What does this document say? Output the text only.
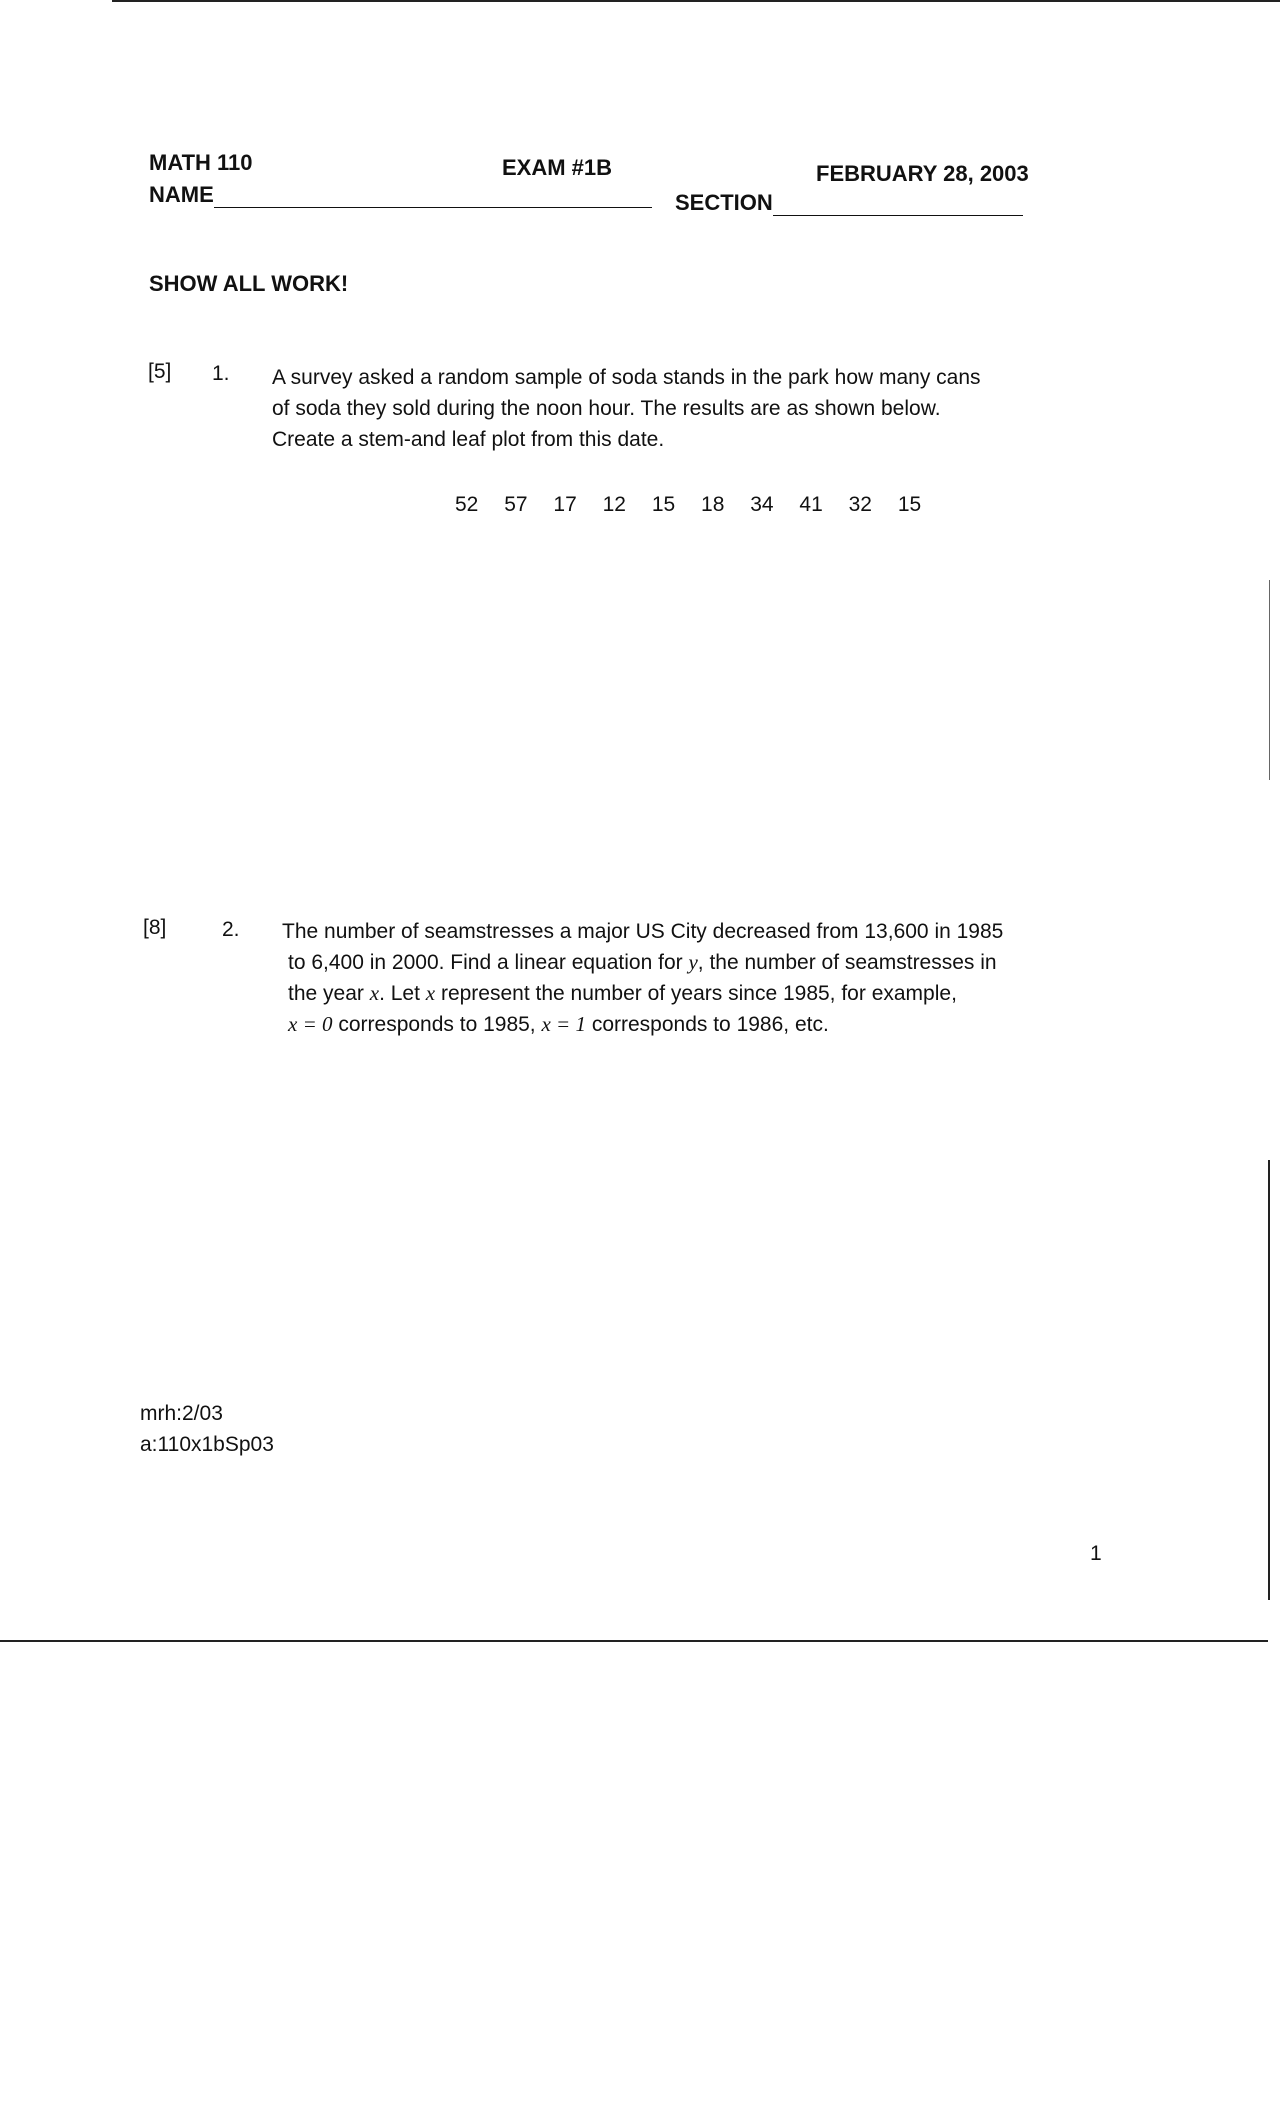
MATH 110	EXAM #1B	FEBRUARY 28, 2003
NAME	SECTION
SHOW ALL WORK!
[5] 1. A survey asked a random sample of soda stands in the park how many cans
of soda they sold during the noon hour. The results are as shown below.
Create a stem-and leaf plot from this date.
52 57 17 12 15 18 34 41 32 15
[8]	2. The number of seamstresses a major US City decreased from 13,600 in 1985
to 6,400 in 2000. Find a linear equation for y, the number of seamstresses in
the year x. Let x represent the number of years since 1985, for example,
x = 0 corresponds to 1985, x = 1 corresponds to 1986, etc.
mrh:2/03
a:110x1bSp03
1
